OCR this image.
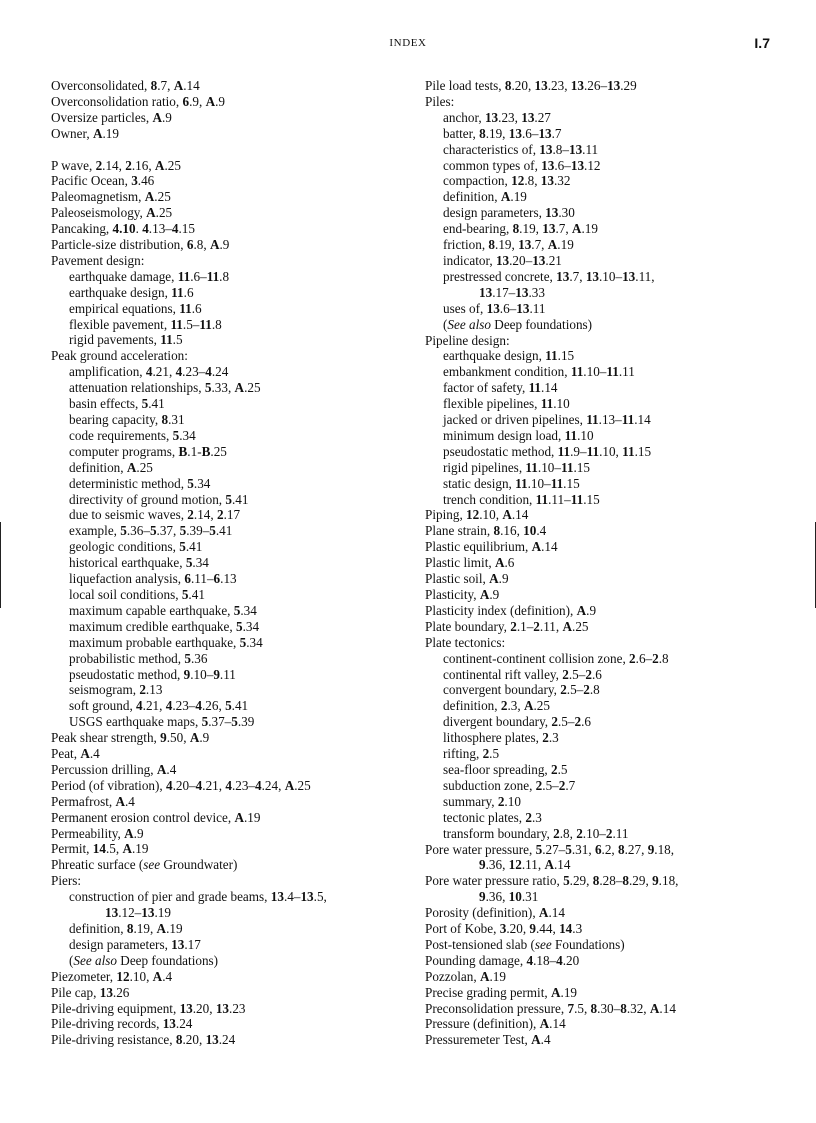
INDEX	I.7
Overconsolidated, 8.7, A.14
Overconsolidation ratio, 6.9, A.9
Oversize particles, A.9
Owner, A.19
P wave, 2.14, 2.16, A.25
Pacific Ocean, 3.46
Paleomagnetism, A.25
Paleoseismology, A.25
Pancaking, 4.10. 4.13–4.15
Particle-size distribution, 6.8, A.9
Pavement design:
earthquake damage, 11.6–11.8
earthquake design, 11.6
empirical equations, 11.6
flexible pavement, 11.5–11.8
rigid pavements, 11.5
Peak ground acceleration:
amplification, 4.21, 4.23–4.24
attenuation relationships, 5.33, A.25
basin effects, 5.41
bearing capacity, 8.31
code requirements, 5.34
computer programs, B.1-B.25
definition, A.25
deterministic method, 5.34
directivity of ground motion, 5.41
due to seismic waves, 2.14, 2.17
example, 5.36–5.37, 5.39–5.41
geologic conditions, 5.41
historical earthquake, 5.34
liquefaction analysis, 6.11–6.13
local soil conditions, 5.41
maximum capable earthquake, 5.34
maximum credible earthquake, 5.34
maximum probable earthquake, 5.34
probabilistic method, 5.36
pseudostatic method, 9.10–9.11
seismogram, 2.13
soft ground, 4.21, 4.23–4.26, 5.41
USGS earthquake maps, 5.37–5.39
Peak shear strength, 9.50, A.9
Peat, A.4
Percussion drilling, A.4
Period (of vibration), 4.20–4.21, 4.23–4.24, A.25
Permafrost, A.4
Permanent erosion control device, A.19
Permeability, A.9
Permit, 14.5, A.19
Phreatic surface (see Groundwater)
Piers:
construction of pier and grade beams, 13.4–13.5,
13.12–13.19
definition, 8.19, A.19
design parameters, 13.17
(See also Deep foundations)
Piezometer, 12.10, A.4
Pile cap, 13.26
Pile-driving equipment, 13.20, 13.23
Pile-driving records, 13.24
Pile-driving resistance, 8.20, 13.24
Pile load tests, 8.20, 13.23, 13.26–13.29
Piles:
anchor, 13.23, 13.27
batter, 8.19, 13.6–13.7
characteristics of, 13.8–13.11
common types of, 13.6–13.12
compaction, 12.8, 13.32
definition, A.19
design parameters, 13.30
end-bearing, 8.19, 13.7, A.19
friction, 8.19, 13.7, A.19
indicator, 13.20–13.21
prestressed concrete, 13.7, 13.10–13.11,
13.17–13.33
uses of, 13.6–13.11
(See also Deep foundations)
Pipeline design:
earthquake design, 11.15
embankment condition, 11.10–11.11
factor of safety, 11.14
flexible pipelines, 11.10
jacked or driven pipelines, 11.13–11.14
minimum design load, 11.10
pseudostatic method, 11.9–11.10, 11.15
rigid pipelines, 11.10–11.15
static design, 11.10–11.15
trench condition, 11.11–11.15
Piping, 12.10, A.14
Plane strain, 8.16, 10.4
Plastic equilibrium, A.14
Plastic limit, A.6
Plastic soil, A.9
Plasticity, A.9
Plasticity index (definition), A.9
Plate boundary, 2.1–2.11, A.25
Plate tectonics:
continent-continent collision zone, 2.6–2.8
continental rift valley, 2.5–2.6
convergent boundary, 2.5–2.8
definition, 2.3, A.25
divergent boundary, 2.5–2.6
lithosphere plates, 2.3
rifting, 2.5
sea-floor spreading, 2.5
subduction zone, 2.5–2.7
summary, 2.10
tectonic plates, 2.3
transform boundary, 2.8, 2.10–2.11
Pore water pressure, 5.27–5.31, 6.2, 8.27, 9.18,
9.36, 12.11, A.14
Pore water pressure ratio, 5.29, 8.28–8.29, 9.18,
9.36, 10.31
Porosity (definition), A.14
Port of Kobe, 3.20, 9.44, 14.3
Post-tensioned slab (see Foundations)
Pounding damage, 4.18–4.20
Pozzolan, A.19
Precise grading permit, A.19
Preconsolidation pressure, 7.5, 8.30–8.32, A.14
Pressure (definition), A.14
Pressuremeter Test, A.4
